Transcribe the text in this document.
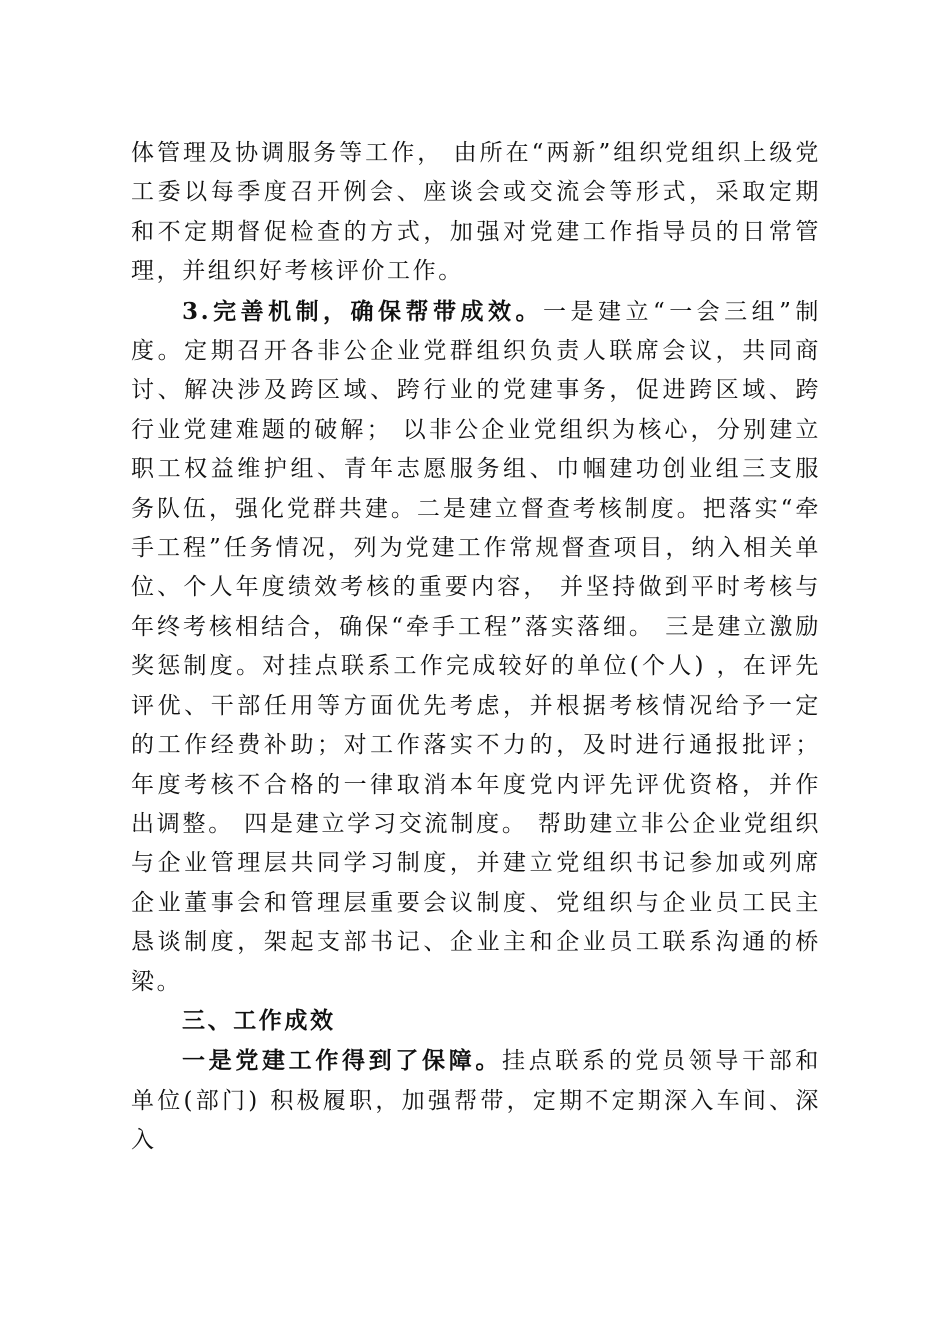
体管理及协调服务等工作， 由所在“两新”组织党组织上级党工委以每季度召开例会、座谈会或交流会等形式，采取定期和不定期督促检查的方式，加强对党建工作指导员的日常管理，并组织好考核评价工作。

3.完善机制，确保帮带成效。一是建立“一会三组”制度。定期召开各非公企业党群组织负责人联席会议，共同商讨、解决涉及跨区域、跨行业的党建事务，促进跨区域、跨行业党建难题的破解； 以非公企业党组织为核心，分别建立职工权益维护组、青年志愿服务组、巾帼建功创业组三支服务队伍，强化党群共建。二是建立督查考核制度。把落实“牵手工程”任务情况，列为党建工作常规督查项目，纳入相关单位、个人年度绩效考核的重要内容， 并坚持做到平时考核与年终考核相结合，确保“牵手工程”落实落细。 三是建立激励奖惩制度。对挂点联系工作完成较好的单位(个人) ，在评先评优、干部任用等方面优先考虑，并根据考核情况给予一定的工作经费补助；对工作落实不力的，及时进行通报批评；年度考核不合格的一律取消本年度党内评先评优资格，并作出调整。 四是建立学习交流制度。 帮助建立非公企业党组织与企业管理层共同学习制度，并建立党组织书记参加或列席企业董事会和管理层重要会议制度、党组织与企业员工民主恳谈制度，架起支部书记、企业主和企业员工联系沟通的桥梁。

三、工作成效

一是党建工作得到了保障。挂点联系的党员领导干部和单位(部门) 积极履职，加强帮带，定期不定期深入车间、深入
